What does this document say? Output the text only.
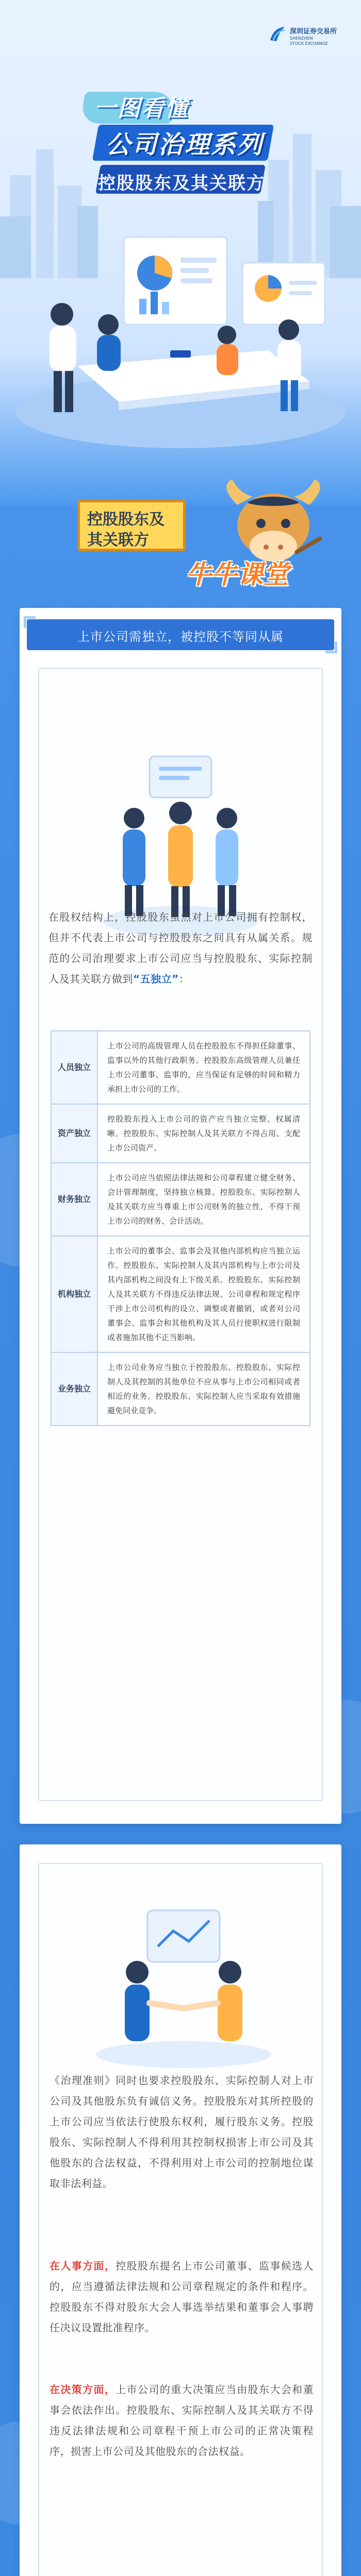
深圳证券交易所
SHENZHEN
STOCK EXCHANGE
一图看懂
公司治理系列
控股股东及其关联方
控股股东及其关联方
牛牛课堂
上市公司需独立，被控股不等同从属

在股权结构上，控股股东虽然对上市公司拥有控制权，但并不代表上市公司与控股股东之间具有从属关系。规范的公司治理要求上市公司应当与控股股东、实际控制人及其关联方做到“五独立”：

人员独立	上市公司的高级管理人员在控股股东不得担任除董事、监事以外的其他行政职务。控股股东高级管理人员兼任上市公司董事、监事的，应当保证有足够的时间和精力承担上市公司的工作。
资产独立	控股股东投入上市公司的资产应当独立完整、权属清晰。控股股东、实际控制人及其关联方不得占用、支配上市公司资产。
财务独立	上市公司应当依照法律法规和公司章程建立健全财务、会计管理制度，坚持独立核算。控股股东、实际控制人及其关联方应当尊重上市公司财务的独立性，不得干预上市公司的财务、会计活动。
机构独立	上市公司的董事会、监事会及其他内部机构应当独立运作。控股股东、实际控制人及其内部机构与上市公司及其内部机构之间没有上下级关系。控股股东、实际控制人及其关联方不得违反法律法规、公司章程和规定程序干涉上市公司机构的设立、调整或者撤销，或者对公司董事会、监事会和其他机构及其人员行使职权进行限制或者施加其他不正当影响。
业务独立	上市公司业务应当独立于控股股东。控股股东、实际控制人及其控制的其他单位不应从事与上市公司相同或者相近的业务。控股股东、实际控制人应当采取有效措施避免同业竞争。

《治理准则》同时也要求控股股东、实际控制人对上市公司及其他股东负有诚信义务。控股股东对其所控股的上市公司应当依法行使股东权利，履行股东义务。控股股东、实际控制人不得利用其控制权损害上市公司及其他股东的合法权益，不得利用对上市公司的控制地位谋取非法利益。

在人事方面，控股股东提名上市公司董事、监事候选人的，应当遵循法律法规和公司章程规定的条件和程序。控股股东不得对股东大会人事选举结果和董事会人事聘任决议设置批准程序。

在决策方面，上市公司的重大决策应当由股东大会和董事会依法作出。控股股东、实际控制人及其关联方不得违反法律法规和公司章程干预上市公司的正常决策程序，损害上市公司及其他股东的合法权益。
